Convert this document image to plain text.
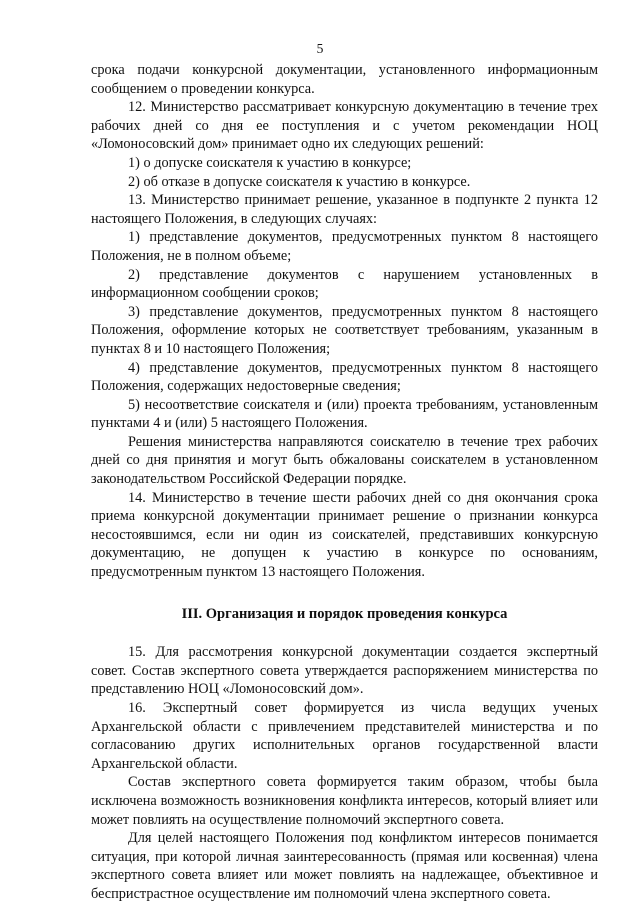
5

срока подачи конкурсной документации, установленного информационным сообщением о проведении конкурса.

12. Министерство рассматривает конкурсную документацию в течение трех рабочих дней со дня ее поступления и с учетом рекомендации НОЦ «Ломоносовский дом» принимает одно их следующих решений:

1) о допуске соискателя к участию в конкурсе;

2) об отказе в допуске соискателя к участию в конкурсе.

13. Министерство принимает решение, указанное в подпункте 2 пункта 12 настоящего Положения, в следующих случаях:

1) представление документов, предусмотренных пунктом 8 настоящего Положения, не в полном объеме;

2) представление документов с нарушением установленных в информационном сообщении сроков;

3) представление документов, предусмотренных пунктом 8 настоящего Положения, оформление которых не соответствует требованиям, указанным в пунктах 8 и 10 настоящего Положения;

4) представление документов, предусмотренных пунктом 8 настоящего Положения, содержащих недостоверные сведения;

5) несоответствие соискателя и (или) проекта требованиям, установленным пунктами 4 и (или) 5 настоящего Положения.

Решения министерства направляются соискателю в течение трех рабочих дней со дня принятия и могут быть обжалованы соискателем в установленном законодательством Российской Федерации порядке.

14. Министерство в течение шести рабочих дней со дня окончания срока приема конкурсной документации принимает решение о признании конкурса несостоявшимся, если ни один из соискателей, представивших конкурсную документацию, не допущен к участию в конкурсе по основаниям, предусмотренным пунктом 13 настоящего Положения.

III. Организация и порядок проведения конкурса

15. Для рассмотрения конкурсной документации создается экспертный совет. Состав экспертного совета утверждается распоряжением министерства по представлению НОЦ «Ломоносовский дом».

16. Экспертный совет формируется из числа ведущих ученых Архангельской области с привлечением представителей министерства и по согласованию других исполнительных органов государственной власти Архангельской области.

Состав экспертного совета формируется таким образом, чтобы была исключена возможность возникновения конфликта интересов, который влияет или может повлиять на осуществление полномочий экспертного совета.

Для целей настоящего Положения под конфликтом интересов понимается ситуация, при которой личная заинтересованность (прямая или косвенная) члена экспертного совета влияет или может повлиять на надлежащее, объективное и беспристрастное осуществление им полномочий члена экспертного совета.
